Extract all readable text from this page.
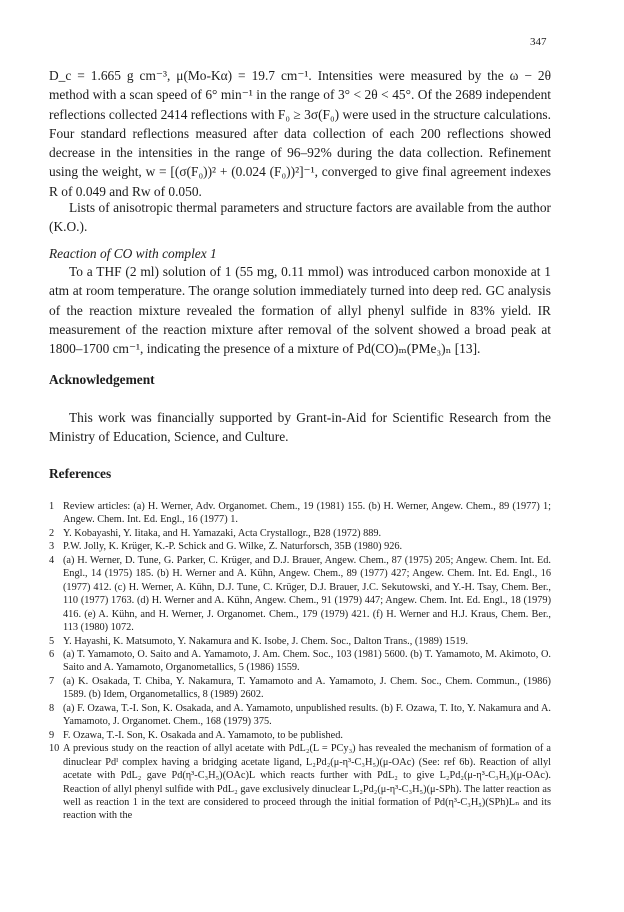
347

D_c = 1.665 g cm⁻³, μ(Mo-Kα) = 19.7 cm⁻¹. Intensities were measured by the ω − 2θ method with a scan speed of 6° min⁻¹ in the range of 3° < 2θ < 45°. Of the 2689 independent reflections collected 2414 reflections with F₀ ≥ 3σ(F₀) were used in the structure calculations. Four standard reflections measured after data collection of each 200 reflections showed decrease in the intensities in the range of 96–92% during the data collection. Refinement using the weight, w = [(σ(F₀))² + (0.024 (F₀))²]⁻¹, converged to give final agreement indexes R of 0.049 and Rw of 0.050.

Lists of anisotropic thermal parameters and structure factors are available from the author (K.O.).

Reaction of CO with complex 1

To a THF (2 ml) solution of 1 (55 mg, 0.11 mmol) was introduced carbon monoxide at 1 atm at room temperature. The orange solution immediately turned into deep red. GC analysis of the reaction mixture revealed the formation of allyl phenyl sulfide in 83% yield. IR measurement of the reaction mixture after removal of the solvent showed a broad peak at 1800–1700 cm⁻¹, indicating the presence of a mixture of Pd(CO)ₘ(PMe₃)ₙ [13].

Acknowledgement

This work was financially supported by Grant-in-Aid for Scientific Research from the Ministry of Education, Science, and Culture.

References
1 Review articles: (a) H. Werner, Adv. Organomet. Chem., 19 (1981) 155. (b) H. Werner, Angew. Chem., 89 (1977) 1; Angew. Chem. Int. Ed. Engl., 16 (1977) 1.
2 Y. Kobayashi, Y. Iitaka, and H. Yamazaki, Acta Crystallogr., B28 (1972) 889.
3 P.W. Jolly, K. Krüger, K.-P. Schick and G. Wilke, Z. Naturforsch, 35B (1980) 926.
4 (a) H. Werner, D. Tune, G. Parker, C. Krüger, and D.J. Brauer, Angew. Chem., 87 (1975) 205; Angew. Chem. Int. Ed. Engl., 14 (1975) 185. (b) H. Werner and A. Kühn, Angew. Chem., 89 (1977) 427; Angew. Chem. Int. Ed. Engl., 16 (1977) 412. (c) H. Werner, A. Kühn, D.J. Tune, C. Krüger, D.J. Brauer, J.C. Sekutowski, and Y.-H. Tsay, Chem. Ber., 110 (1977) 1763. (d) H. Werner and A. Kühn, Angew. Chem., 91 (1979) 447; Angew. Chem. Int. Ed. Engl., 18 (1979) 416. (e) A. Kühn, and H. Werner, J. Organomet. Chem., 179 (1979) 421. (f) H. Werner and H.J. Kraus, Chem. Ber., 113 (1980) 1072.
5 Y. Hayashi, K. Matsumoto, Y. Nakamura and K. Isobe, J. Chem. Soc., Dalton Trans., (1989) 1519.
6 (a) T. Yamamoto, O. Saito and A. Yamamoto, J. Am. Chem. Soc., 103 (1981) 5600. (b) T. Yamamoto, M. Akimoto, O. Saito and A. Yamamoto, Organometallics, 5 (1986) 1559.
7 (a) K. Osakada, T. Chiba, Y. Nakamura, T. Yamamoto and A. Yamamoto, J. Chem. Soc., Chem. Commun., (1986) 1589. (b) Idem, Organometallics, 8 (1989) 2602.
8 (a) F. Ozawa, T.-I. Son, K. Osakada, and A. Yamamoto, unpublished results. (b) F. Ozawa, T. Ito, Y. Nakamura and A. Yamamoto, J. Organomet. Chem., 168 (1979) 375.
9 F. Ozawa, T.-I. Son, K. Osakada and A. Yamamoto, to be published.
10 A previous study on the reaction of allyl acetate with PdL₂(L = PCy₃) has revealed the mechanism of formation of a dinuclear Pdᴵ complex having a bridging acetate ligand, L₂Pd₂(μ-η³-C₃H₅)(μ-OAc) (See: ref 6b). Reaction of allyl acetate with PdL₂ gave Pd(η³-C₃H₅)(OAc)L which reacts further with PdL₂ to give L₂Pd₂(μ-η³-C₃H₅)(μ-OAc). Reaction of allyl phenyl sulfide with PdL₂ gave exclusively dinuclear L₂Pd₂(μ-η³-C₃H₅)(μ-SPh). The latter reaction as well as reaction 1 in the text are considered to proceed through the initial formation of Pd(η³-C₃H₅)(SPh)Lₙ and its reaction with the
